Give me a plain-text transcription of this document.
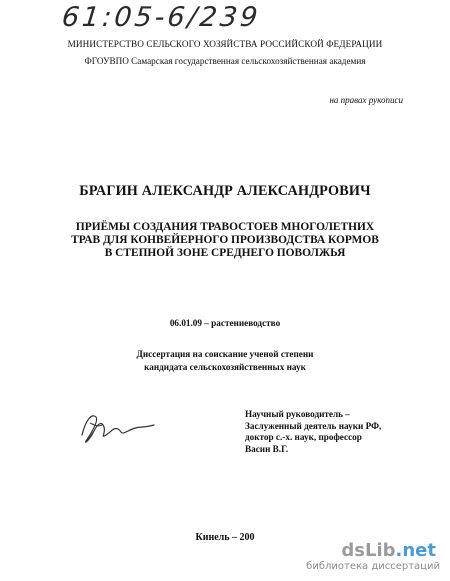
61:05-6/239
МИНИСТЕРСТВО СЕЛЬСКОГО ХОЗЯЙСТВА РОССИЙСКОЙ ФЕДЕРАЦИИ
ФГОУВПО Самарская государственная сельскохозяйственная академия
на правах рукописи
БРАГИН АЛЕКСАНДР АЛЕКСАНДРОВИЧ
ПРИЁМЫ СОЗДАНИЯ ТРАВОСТОЕВ МНОГОЛЕТНИХ
ТРАВ ДЛЯ КОНВЕЙЕРНОГО ПРОИЗВОДСТВА КОРМОВ
В СТЕПНОЙ ЗОНЕ СРЕДНЕГО ПОВОЛЖЬЯ
06.01.09 – растениеводство
Диссертация на соискание ученой степени
кандидата сельскохозяйственных наук
Научный руководитель –
Заслуженный деятель науки РФ,
доктор с.-х. наук, профессор
Васин В.Г.
Кинель – 200
dsLib.net
библиотека диссертаций
